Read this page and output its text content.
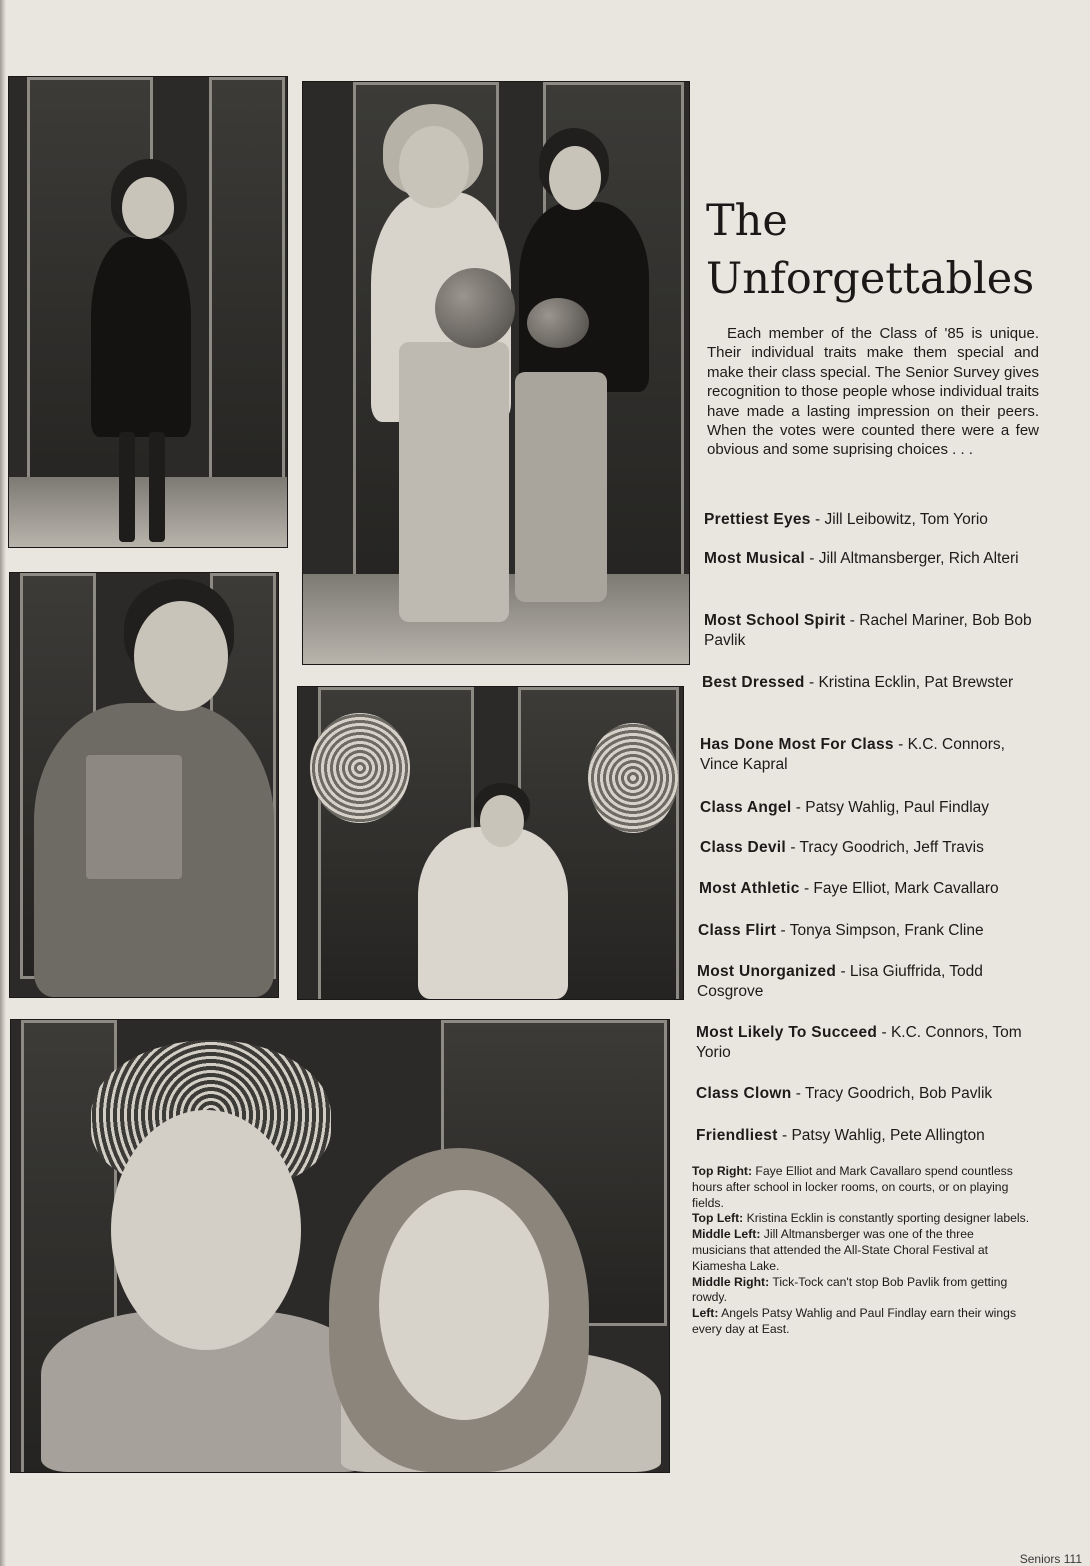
The
Unforgettables

Each member of the Class of '85 is unique. Their individual traits make them special and make their class special. The Senior Survey gives recognition to those people whose individual traits have made a lasting impression on their peers. When the votes were counted there were a few obvious and some suprising choices . . .

Prettiest Eyes - Jill Leibowitz, Tom Yorio
Most Musical - Jill Altmansberger, Rich Alteri
Most School Spirit - Rachel Mariner, Bob Bob Pavlik
Best Dressed - Kristina Ecklin, Pat Brewster
Has Done Most For Class - K.C. Connors, Vince Kapral
Class Angel - Patsy Wahlig, Paul Findlay
Class Devil - Tracy Goodrich, Jeff Travis
Most Athletic - Faye Elliot, Mark Cavallaro
Class Flirt - Tonya Simpson, Frank Cline
Most Unorganized - Lisa Giuffrida, Todd Cosgrove
Most Likely To Succeed - K.C. Connors, Tom Yorio
Class Clown - Tracy Goodrich, Bob Pavlik
Friendliest - Patsy Wahlig, Pete Allington

Top Right: Faye Elliot and Mark Cavallaro spend countless hours after school in locker rooms, on courts, or on playing fields.

Top Left: Kristina Ecklin is constantly sporting designer labels.

Middle Left: Jill Altmansberger was one of the three musicians that attended the All-State Choral Festival at Kiamesha Lake.

Middle Right: Tick-Tock can't stop Bob Pavlik from getting rowdy.

Left: Angels Patsy Wahlig and Paul Findlay earn their wings every day at East.

Seniors 111
